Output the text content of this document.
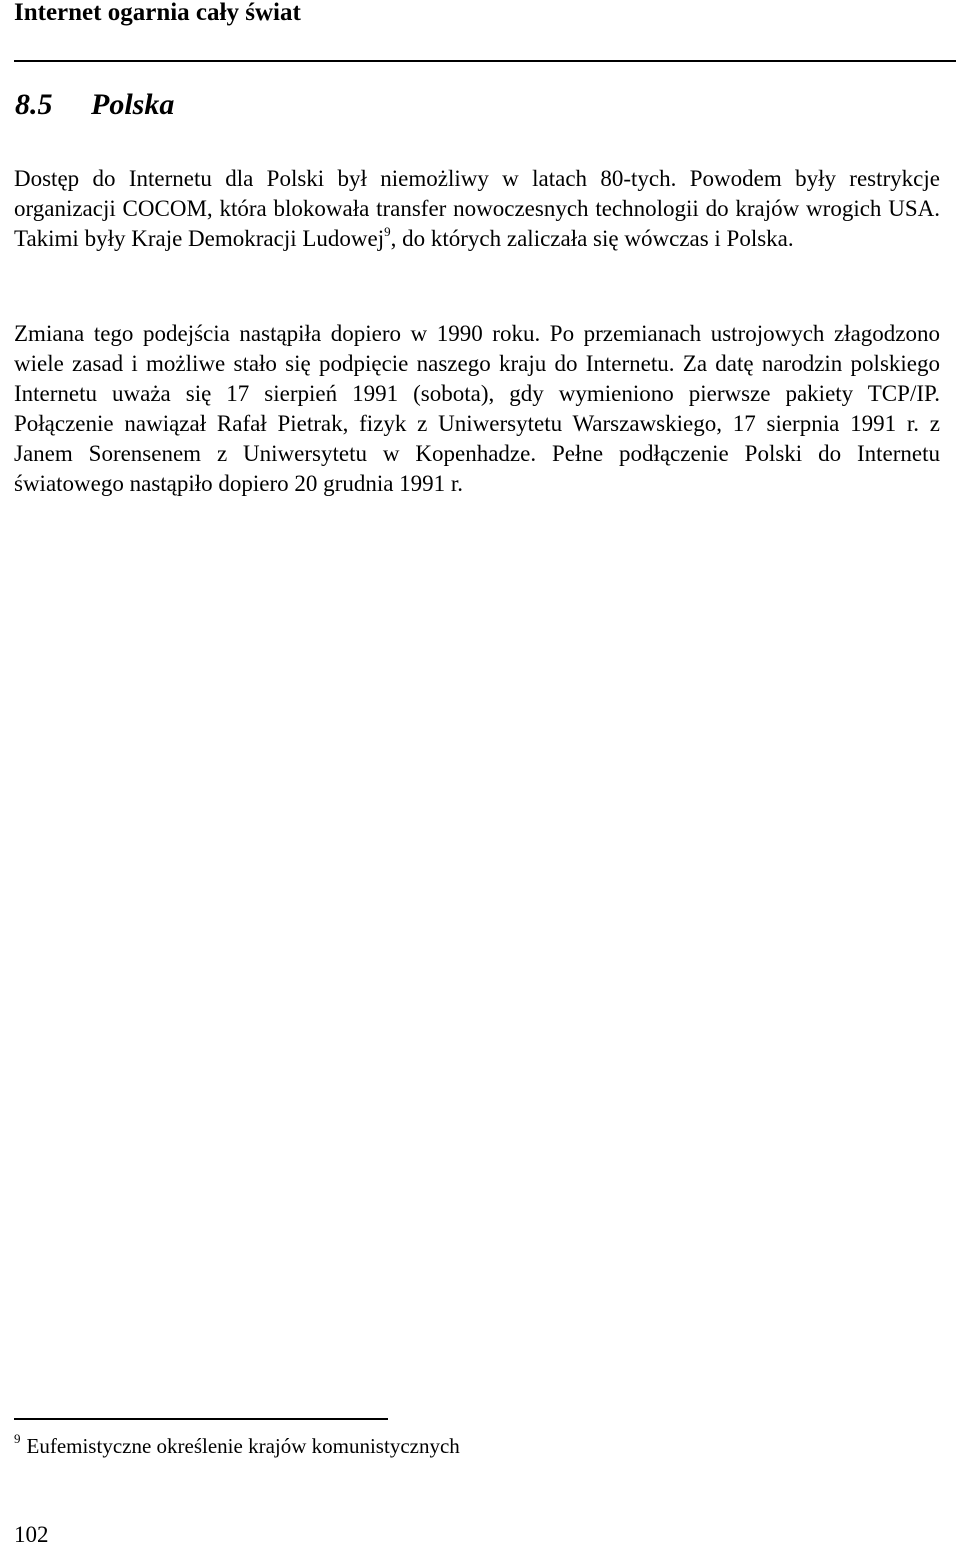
Internet ogarnia cały świat
8.5 Polska

Dostęp do Internetu dla Polski był niemożliwy w latach 80-tych. Powodem były restrykcje organizacji COCOM, która blokowała transfer nowoczesnych technologii do krajów wrogich USA. Takimi były Kraje Demokracji Ludowej$^9$, do których zaliczała się wówczas i Polska.

Zmiana tego podejścia nastąpiła dopiero w 1990 roku. Po przemianach ustrojowych złagodzono wiele zasad i możliwe stało się podpięcie naszego kraju do Internetu. Za datę narodzin polskiego Internetu uważa się 17 sierpień 1991 (sobota), gdy wymieniono pierwsze pakiety TCP/IP. Połączenie nawiązał Rafał Pietrak, fizyk z Uniwersytetu Warszawskiego, 17 sierpnia 1991 r. z Janem Sorensenem z Uniwersytetu w Kopenhadze. Pełne podłączenie Polski do Internetu światowego nastąpiło dopiero 20 grudnia 1991 r.

$^9$ Eufemistyczne określenie krajów komunistycznych
102
